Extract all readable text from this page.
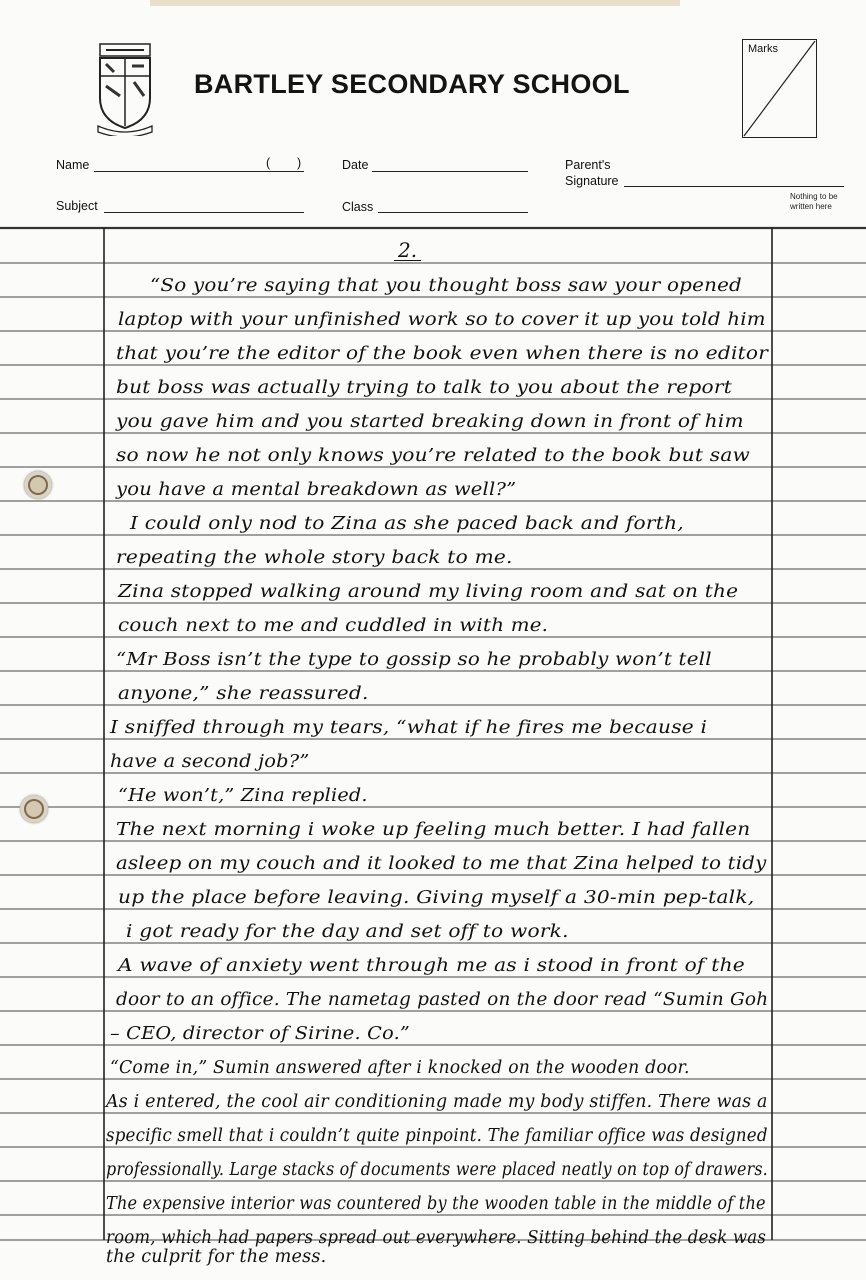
BARTLEY SECONDARY SCHOOL
Marks
Name	( )	Date	Parent's
Signature
Subject	Class
Nothing to be written here
2.
“So you’re saying that you thought boss saw your opened
laptop with your unfinished work so to cover it up you told him
that you’re the editor of the book even when there is no editor
but boss was actually trying to talk to you about the report
you gave him and you started breaking down in front of him
so now he not only knows you’re related to the book but saw
you have a mental breakdown as well?”
I could only nod to Zina as she paced back and forth,
repeating the whole story back to me.
Zina stopped walking around my living room and sat on the
couch next to me and cuddled in with me.
“Mr Boss isn’t the type to gossip so he probably won’t tell
anyone,” she reassured.
I sniffed through my tears, “what if he fires me because i
have a second job?”
“He won’t,” Zina replied.
The next morning i woke up feeling much better. I had fallen
asleep on my couch and it looked to me that Zina helped to tidy
up the place before leaving. Giving myself a 30-min pep-talk,
i got ready for the day and set off to work.
A wave of anxiety went through me as i stood in front of the
door to an office. The nametag pasted on the door read “Sumin Goh
– CEO, director of Sirine. Co.”
“Come in,” Sumin answered after i knocked on the wooden door.
As i entered, the cool air conditioning made my body stiffen. There was a
specific smell that i couldn’t quite pinpoint. The familiar office was designed
professionally. Large stacks of documents were placed neatly on top of drawers.
The expensive interior was countered by the wooden table in the middle of the
room, which had papers spread out everywhere. Sitting behind the desk was
the culprit for the mess.
